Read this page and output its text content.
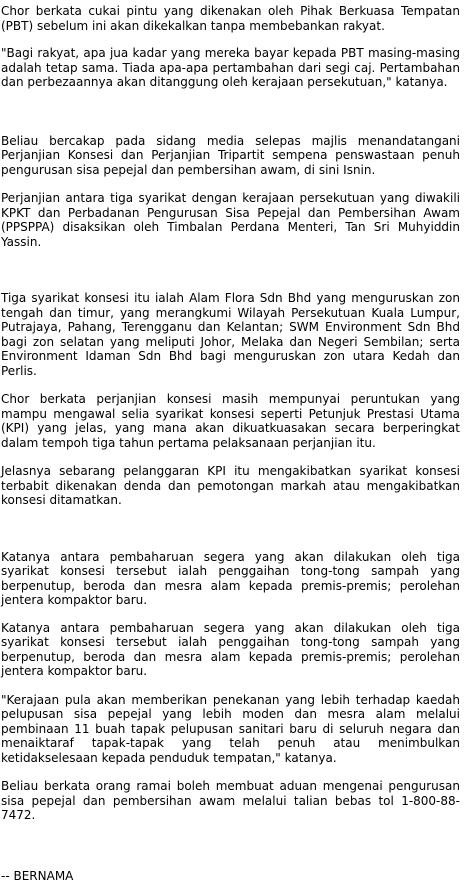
Chor berkata cukai pintu yang dikenakan oleh Pihak Berkuasa Tempatan (PBT) sebelum ini akan dikekalkan tanpa membebankan rakyat.

"Bagi rakyat, apa jua kadar yang mereka bayar kepada PBT masing-masing adalah tetap sama. Tiada apa-apa pertambahan dari segi caj. Pertambahan dan perbezaannya akan ditanggung oleh kerajaan persekutuan," katanya.

Beliau bercakap pada sidang media selepas majlis menandatangani Perjanjian Konsesi dan Perjanjian Tripartit sempena penswastaan penuh pengurusan sisa pepejal dan pembersihan awam, di sini Isnin.

Perjanjian antara tiga syarikat dengan kerajaan persekutuan yang diwakili KPKT dan Perbadanan Pengurusan Sisa Pepejal dan Pembersihan Awam (PPSPPA) disaksikan oleh Timbalan Perdana Menteri, Tan Sri Muhyiddin Yassin.

Tiga syarikat konsesi itu ialah Alam Flora Sdn Bhd yang menguruskan zon tengah dan timur, yang merangkumi Wilayah Persekutuan Kuala Lumpur, Putrajaya, Pahang, Terengganu dan Kelantan; SWM Environment Sdn Bhd bagi zon selatan yang meliputi Johor, Melaka dan Negeri Sembilan; serta Environment Idaman Sdn Bhd bagi menguruskan zon utara Kedah dan Perlis.

Chor berkata perjanjian konsesi masih mempunyai peruntukan yang mampu mengawal selia syarikat konsesi seperti Petunjuk Prestasi Utama (KPI) yang jelas, yang mana akan dikuatkuasakan secara berperingkat dalam tempoh tiga tahun pertama pelaksanaan perjanjian itu.

Jelasnya sebarang pelanggaran KPI itu mengakibatkan syarikat konsesi terbabit dikenakan denda dan pemotongan markah atau mengakibatkan konsesi ditamatkan.

Katanya antara pembaharuan segera yang akan dilakukan oleh tiga syarikat konsesi tersebut ialah penggaihan tong-tong sampah yang berpenutup, beroda dan mesra alam kepada premis-premis; perolehan jentera kompaktor baru.

Katanya antara pembaharuan segera yang akan dilakukan oleh tiga syarikat konsesi tersebut ialah penggaihan tong-tong sampah yang berpenutup, beroda dan mesra alam kepada premis-premis; perolehan jentera kompaktor baru.

"Kerajaan pula akan memberikan penekanan yang lebih terhadap kaedah pelupusan sisa pepejal yang lebih moden dan mesra alam melalui pembinaan 11 buah tapak pelupusan sanitari baru di seluruh negara dan menaiktaraf tapak-tapak yang telah penuh atau menimbulkan ketidakselesaan kepada penduduk tempatan," katanya.

Beliau berkata orang ramai boleh membuat aduan mengenai pengurusan sisa pepejal dan pembersihan awam melalui talian bebas tol 1-800-88-7472.

-- BERNAMA
